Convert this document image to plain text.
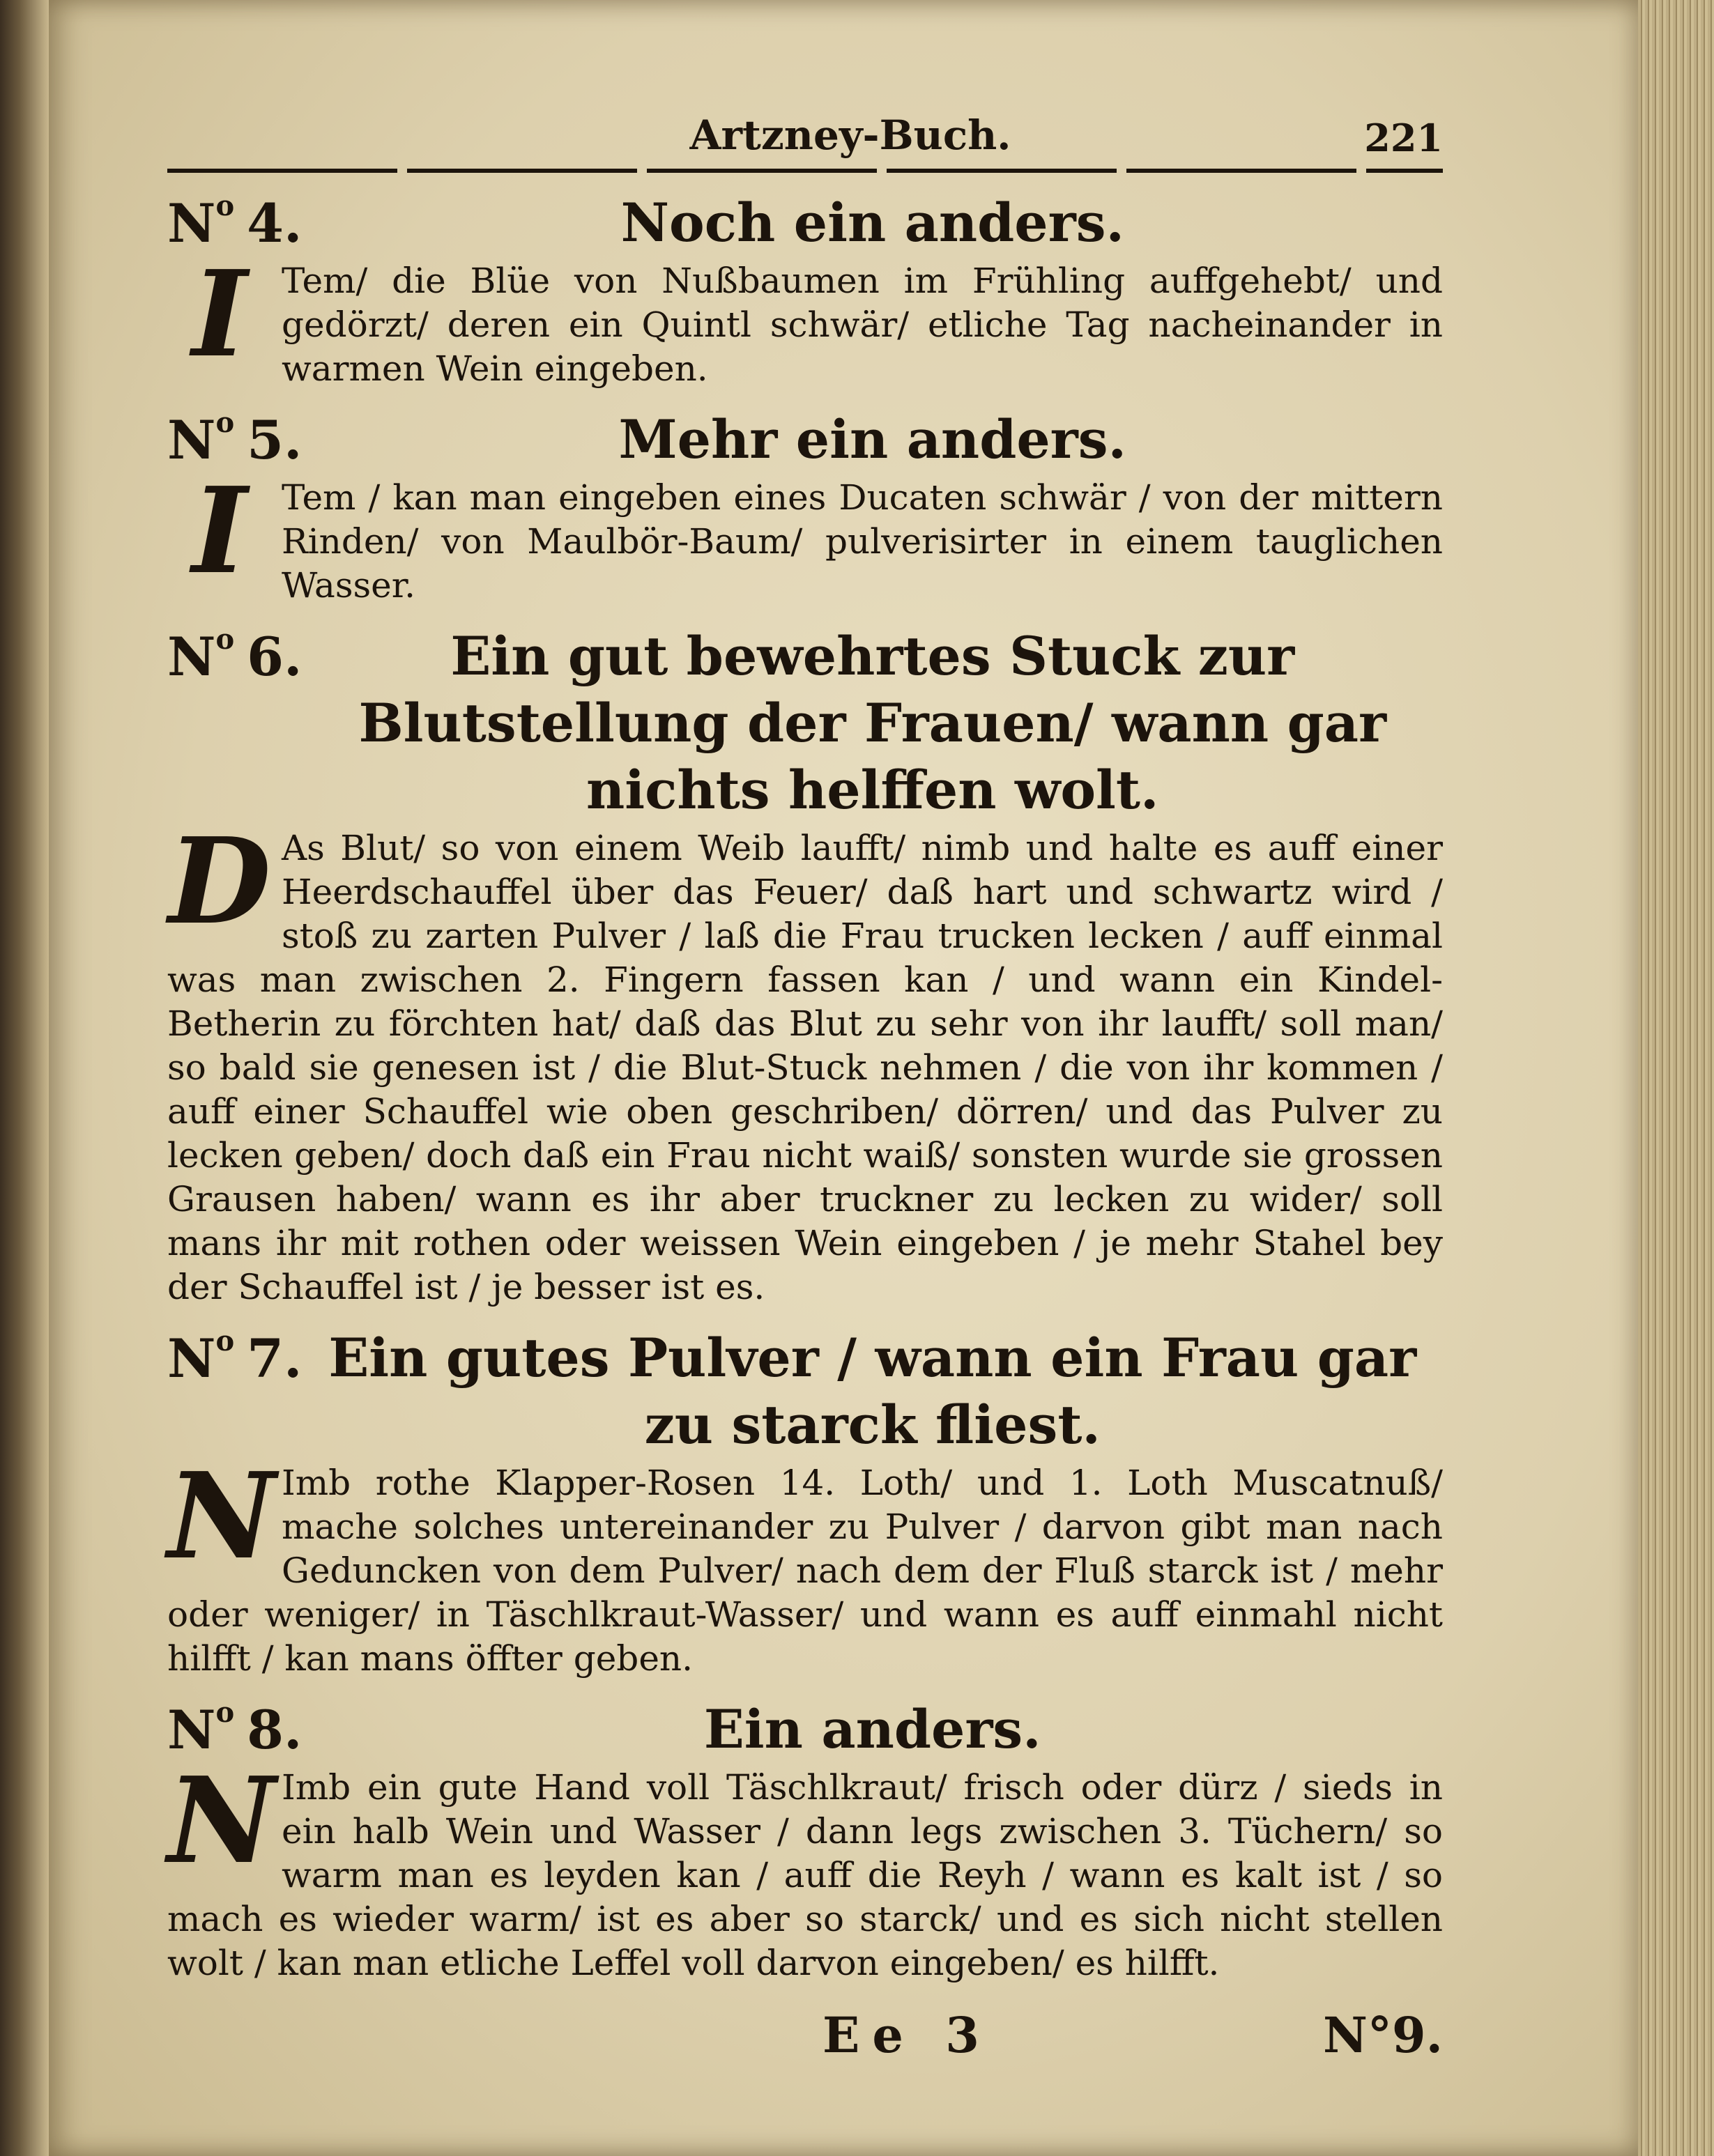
Artzney-Buch.	221
$N^o$ 4.	Noch ein anders.
I Tem/ die Blüe von Nußbaumen im Frühling auffgehebt/ und gedörzt/ deren ein Quintl schwär/ etliche Tag nacheinander in warmen Wein eingeben.
$N^o$ 5.	Mehr ein anders.
I Tem / kan man eingeben eines Ducaten schwär / von der mittern Rinden/ von Maulbör-Baum/ pulverisirter in einem tauglichen Wasser.
$N^o$ 6.	Ein gut bewehrtes Stuck zur Blutstellung der Frauen/ wann gar nichts helffen wolt.
D As Blut/ so von einem Weib laufft/ nimb und halte es auff einer Heerdschauffel über das Feuer/ daß hart und schwartz wird / stoß zu zarten Pulver / laß die Frau trucken lecken / auff einmal was man zwischen 2. Fingern fassen kan / und wann ein Kindel-Betherin zu förchten hat/ daß das Blut zu sehr von ihr laufft/ soll man/ so bald sie genesen ist / die Blut-Stuck nehmen / die von ihr kommen / auff einer Schauffel wie oben geschriben/ dörren/ und das Pulver zu lecken geben/ doch daß ein Frau nicht waiß/ sonsten wurde sie grossen Grausen haben/ wann es ihr aber truckner zu lecken zu wider/ soll mans ihr mit rothen oder weissen Wein eingeben / je mehr Stahel bey der Schauffel ist / je besser ist es.
$N^o$ 7. Ein gutes Pulver / wann ein Frau gar zu starck fliest.
N Imb rothe Klapper-Rosen 14. Loth/ und 1. Loth Muscatnuß/ mache solches untereinander zu Pulver / darvon gibt man nach Geduncken von dem Pulver/ nach dem der Fluß starck ist / mehr oder weniger/ in Täschlkraut-Wasser/ und wann es auff einmahl nicht hilfft / kan mans öffter geben.
$N^o$ 8.	Ein anders.
N Imb ein gute Hand voll Täschlkraut/ frisch oder dürz / sieds in ein halb Wein und Wasser / dann legs zwischen 3. Tüchern/ so warm man es leyden kan / auff die Reyh / wann es kalt ist / so mach es wieder warm/ ist es aber so starck/ und es sich nicht stellen wolt / kan man etliche Leffel voll darvon eingeben/ es hilfft.
Ee 3	N°9.
